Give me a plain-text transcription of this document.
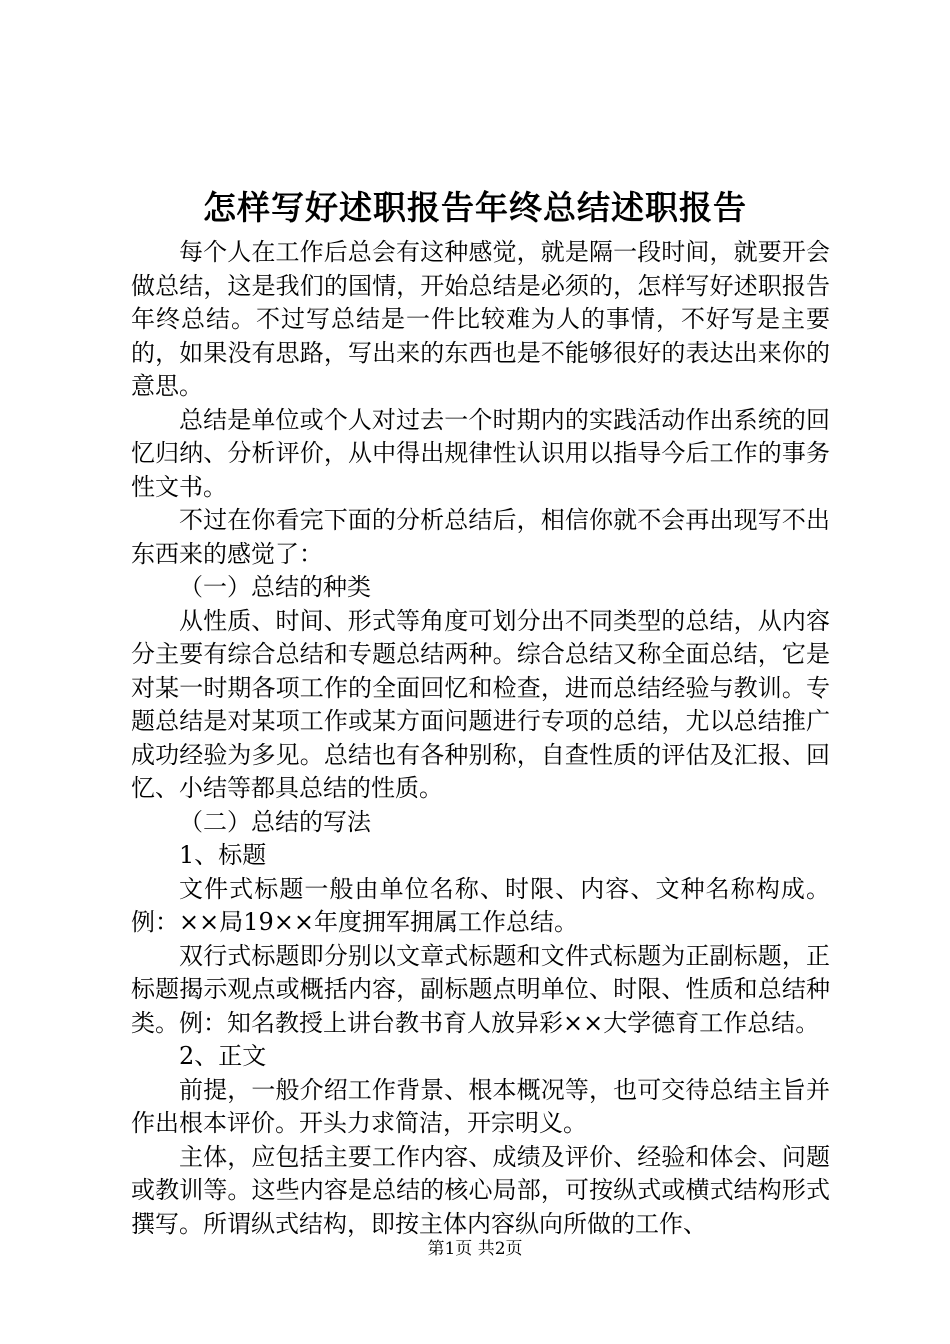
怎样写好述职报告年终总结述职报告

每个人在工作后总会有这种感觉，就是隔一段时间，就要开会做总结，这是我们的国情，开始总结是必须的，怎样写好述职报告年终总结。不过写总结是一件比较难为人的事情，不好写是主要的，如果没有思路，写出来的东西也是不能够很好的表达出来你的意思。

总结是单位或个人对过去一个时期内的实践活动作出系统的回忆归纳、分析评价，从中得出规律性认识用以指导今后工作的事务性文书。

不过在你看完下面的分析总结后，相信你就不会再出现写不出东西来的感觉了：

（一）总结的种类

从性质、时间、形式等角度可划分出不同类型的总结，从内容分主要有综合总结和专题总结两种。综合总结又称全面总结，它是对某一时期各项工作的全面回忆和检查，进而总结经验与教训。专题总结是对某项工作或某方面问题进行专项的总结，尤以总结推广成功经验为多见。总结也有各种别称，自查性质的评估及汇报、回忆、小结等都具总结的性质。

（二）总结的写法

1、标题

文件式标题一般由单位名称、时限、内容、文种名称构成。例：××局19××年度拥军拥属工作总结。

双行式标题即分别以文章式标题和文件式标题为正副标题，正标题揭示观点或概括内容，副标题点明单位、时限、性质和总结种类。例：知名教授上讲台教书育人放异彩××大学德育工作总结。

2、正文

前提，一般介绍工作背景、根本概况等，也可交待总结主旨并作出根本评价。开头力求简洁，开宗明义。

主体，应包括主要工作内容、成绩及评价、经验和体会、问题或教训等。这些内容是总结的核心局部，可按纵式或横式结构形式撰写。所谓纵式结构，即按主体内容纵向所做的工作、

第1页 共2页
